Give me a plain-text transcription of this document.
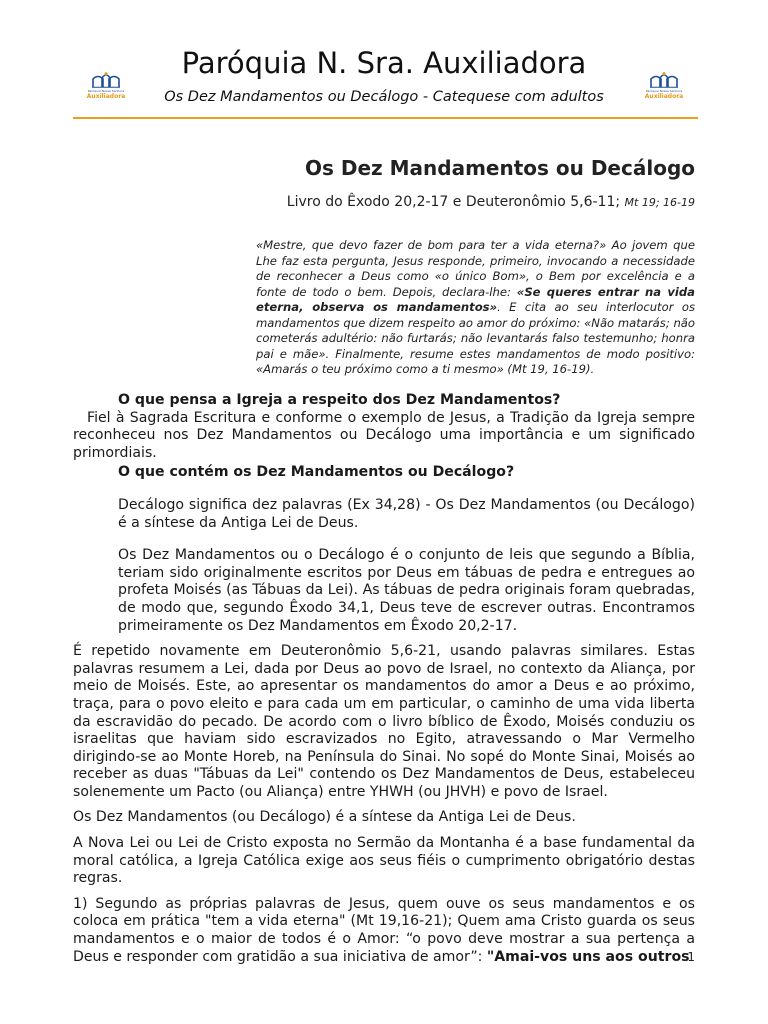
Paróquia Nossa Senhora
Auxiliadora
Paróquia Nossa Senhora
Auxiliadora
Paróquia N. Sra. Auxiliadora
Os Dez Mandamentos ou Decálogo - Catequese com adultos
Os Dez Mandamentos ou Decálogo
Livro do Êxodo 20,2-17 e Deuteronômio 5,6-11; Mt 19; 16-19
«Mestre, que devo fazer de bom para ter a vida eterna?» Ao jovem que Lhe faz esta pergunta, Jesus responde, primeiro, invocando a necessidade de reconhecer a Deus como «o único Bom», o Bem por excelência e a fonte de todo o bem. Depois, declara-lhe: «Se queres entrar na vida eterna, observa os mandamentos». E cita ao seu interlocutor os mandamentos que dizem respeito ao amor do próximo: «Não matarás; não cometerás adultério: não furtarás; não levantarás falso testemunho; honra pai e mãe». Finalmente, resume estes mandamentos de modo positivo: «Amarás o teu próximo como a ti mesmo» (Mt 19, 16-19).

O que pensa a Igreja a respeito dos Dez Mandamentos?

Fiel à Sagrada Escritura e conforme o exemplo de Jesus, a Tradição da Igreja sempre reconheceu nos Dez Mandamentos ou Decálogo uma importância e um significado primordiais.

O que contém os Dez Mandamentos ou Decálogo?

Decálogo significa dez palavras (Ex 34,28) - Os Dez Mandamentos (ou Decálogo) é a síntese da Antiga Lei de Deus.

Os Dez Mandamentos ou o Decálogo é o conjunto de leis que segundo a Bíblia, teriam sido originalmente escritos por Deus em tábuas de pedra e entregues ao profeta Moisés (as Tábuas da Lei). As tábuas de pedra originais foram quebradas, de modo que, segundo Êxodo 34,1, Deus teve de escrever outras. Encontramos primeiramente os Dez Mandamentos em Êxodo 20,2-17.

É repetido novamente em Deuteronômio 5,6-21, usando palavras similares. Estas palavras resumem a Lei, dada por Deus ao povo de Israel, no contexto da Aliança, por meio de Moisés. Este, ao apresentar os mandamentos do amor a Deus e ao próximo, traça, para o povo eleito e para cada um em particular, o caminho de uma vida liberta da escravidão do pecado. De acordo com o livro bíblico de Êxodo, Moisés conduziu os israelitas que haviam sido escravizados no Egito, atravessando o Mar Vermelho dirigindo-se ao Monte Horeb, na Península do Sinai. No sopé do Monte Sinai, Moisés ao receber as duas "Tábuas da Lei" contendo os Dez Mandamentos de Deus, estabeleceu solenemente um Pacto (ou Aliança) entre YHWH (ou JHVH) e povo de Israel.

Os Dez Mandamentos (ou Decálogo) é a síntese da Antiga Lei de Deus.

A Nova Lei ou Lei de Cristo exposta no Sermão da Montanha é a base fundamental da moral católica, a Igreja Católica exige aos seus fiéis o cumprimento obrigatório destas regras.

1) Segundo as próprias palavras de Jesus, quem ouve os seus mandamentos e os coloca em prática "tem a vida eterna" (Mt 19,16-21); Quem ama Cristo guarda os seus mandamentos e o maior de todos é o Amor: “o povo deve mostrar a sua pertença a Deus e responder com gratidão a sua iniciativa de amor”: "Amai-vos uns aos outros

1
